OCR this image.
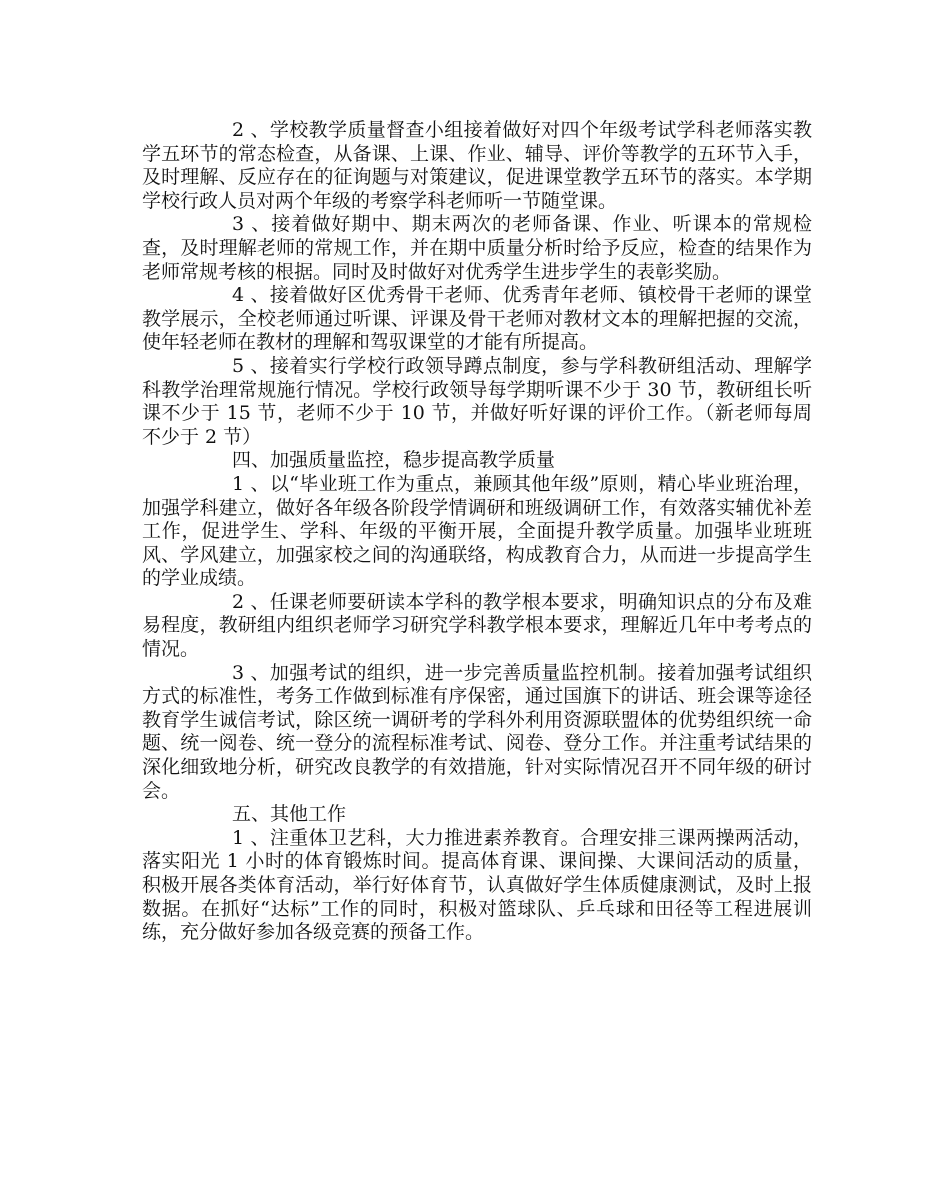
2 、学校教学质量督查小组接着做好对四个年级考试学科老师落实教学五环节的常态检查，从备课、上课、作业、辅导、评价等教学的五环节入手，及时理解、反应存在的征询题与对策建议，促进课堂教学五环节的落实。本学期学校行政人员对两个年级的考察学科老师听一节随堂课。

3 、接着做好期中、期末两次的老师备课、作业、听课本的常规检查，及时理解老师的常规工作，并在期中质量分析时给予反应，检查的结果作为老师常规考核的根据。同时及时做好对优秀学生进步学生的表彰奖励。

4 、接着做好区优秀骨干老师、优秀青年老师、镇校骨干老师的课堂教学展示，全校老师通过听课、评课及骨干老师对教材文本的理解把握的交流，使年轻老师在教材的理解和驾驭课堂的才能有所提高。

5 、接着实行学校行政领导蹲点制度，参与学科教研组活动、理解学科教学治理常规施行情况。学校行政领导每学期听课不少于 30 节，教研组长听课不少于 15 节，老师不少于 10 节，并做好听好课的评价工作。（新老师每周不少于 2 节）

四、加强质量监控，稳步提高教学质量

1 、以“毕业班工作为重点，兼顾其他年级”原则，精心毕业班治理，加强学科建立，做好各年级各阶段学情调研和班级调研工作，有效落实辅优补差工作，促进学生、学科、年级的平衡开展，全面提升教学质量。加强毕业班班风、学风建立，加强家校之间的沟通联络，构成教育合力，从而进一步提高学生的学业成绩。

2 、任课老师要研读本学科的教学根本要求，明确知识点的分布及难易程度，教研组内组织老师学习研究学科教学根本要求，理解近几年中考考点的情况。

3 、加强考试的组织，进一步完善质量监控机制。接着加强考试组织方式的标准性，考务工作做到标准有序保密，通过国旗下的讲话、班会课等途径教育学生诚信考试，除区统一调研考的学科外利用资源联盟体的优势组织统一命题、统一阅卷、统一登分的流程标准考试、阅卷、登分工作。并注重考试结果的深化细致地分析，研究改良教学的有效措施，针对实际情况召开不同年级的研讨会。

五、其他工作

1 、注重体卫艺科，大力推进素养教育。合理安排三课两操两活动，落实阳光 1 小时的体育锻炼时间。提高体育课、课间操、大课间活动的质量，积极开展各类体育活动，举行好体育节，认真做好学生体质健康测试，及时上报数据。在抓好“达标”工作的同时，积极对篮球队、乒乓球和田径等工程进展训练，充分做好参加各级竞赛的预备工作。
